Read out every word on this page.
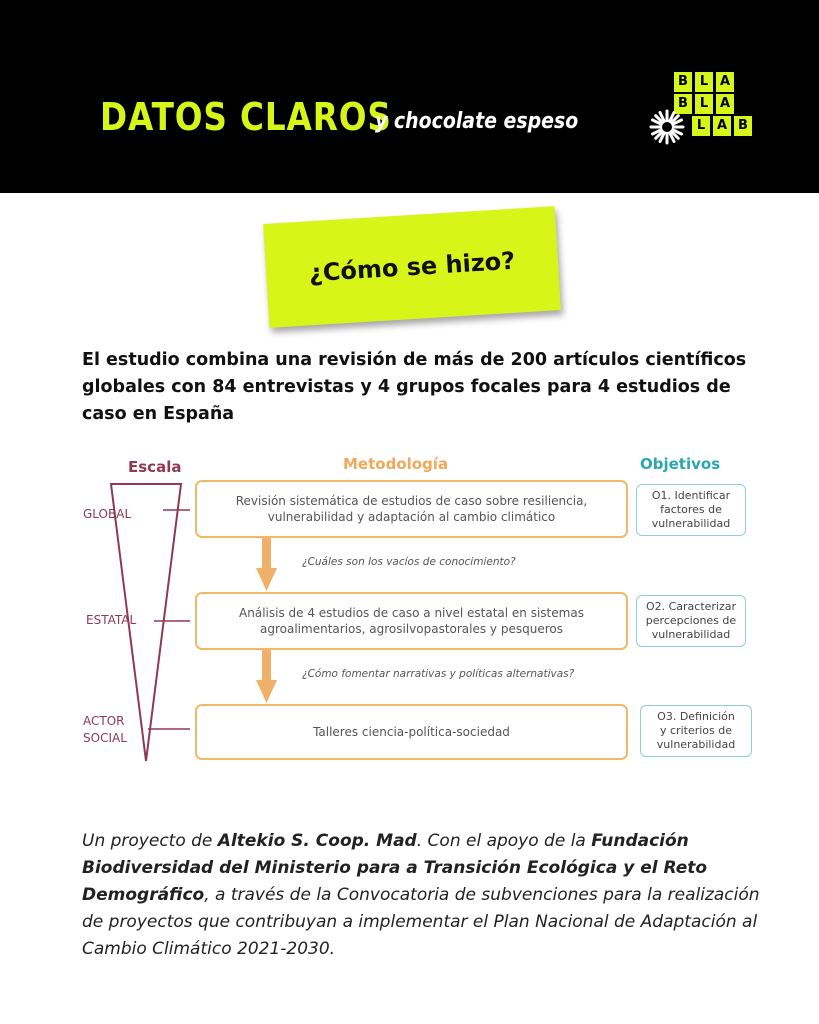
DATOS CLAROS
y chocolate espeso
B L A
B L A
L A B
¿Cómo se hizo?
El estudio combina una revisión de más de 200 artículos científicos globales con 84 entrevistas y 4 grupos focales para 4 estudios de caso en España
Escala	Metodología	Objetivos
GLOBAL
ESTATAL
ACTOR
SOCIAL
Revisión sistemática de estudios de caso sobre resiliencia,
vulnerabilidad y adaptación al cambio climático
Análisis de 4 estudios de caso a nivel estatal en sistemas
agroalimentarios, agrosilvopastorales y pesqueros
Talleres ciencia-política-sociedad
¿Cuáles son los vacíos de conocimiento?
¿Cómo fomentar narrativas y políticas alternativas?
O1. Identificar
factores de
vulnerabilidad
O2. Caracterizar
percepciones de
vulnerabilidad
O3. Definición
y criterios de
vulnerabilidad
Un proyecto de Altekio S. Coop. Mad. Con el apoyo de la Fundación Biodiversidad del Ministerio para a Transición Ecológica y el Reto Demográfico, a través de la Convocatoria de subvenciones para la realización de proyectos que contribuyan a implementar el Plan Nacional de Adaptación al Cambio Climático 2021-2030.
